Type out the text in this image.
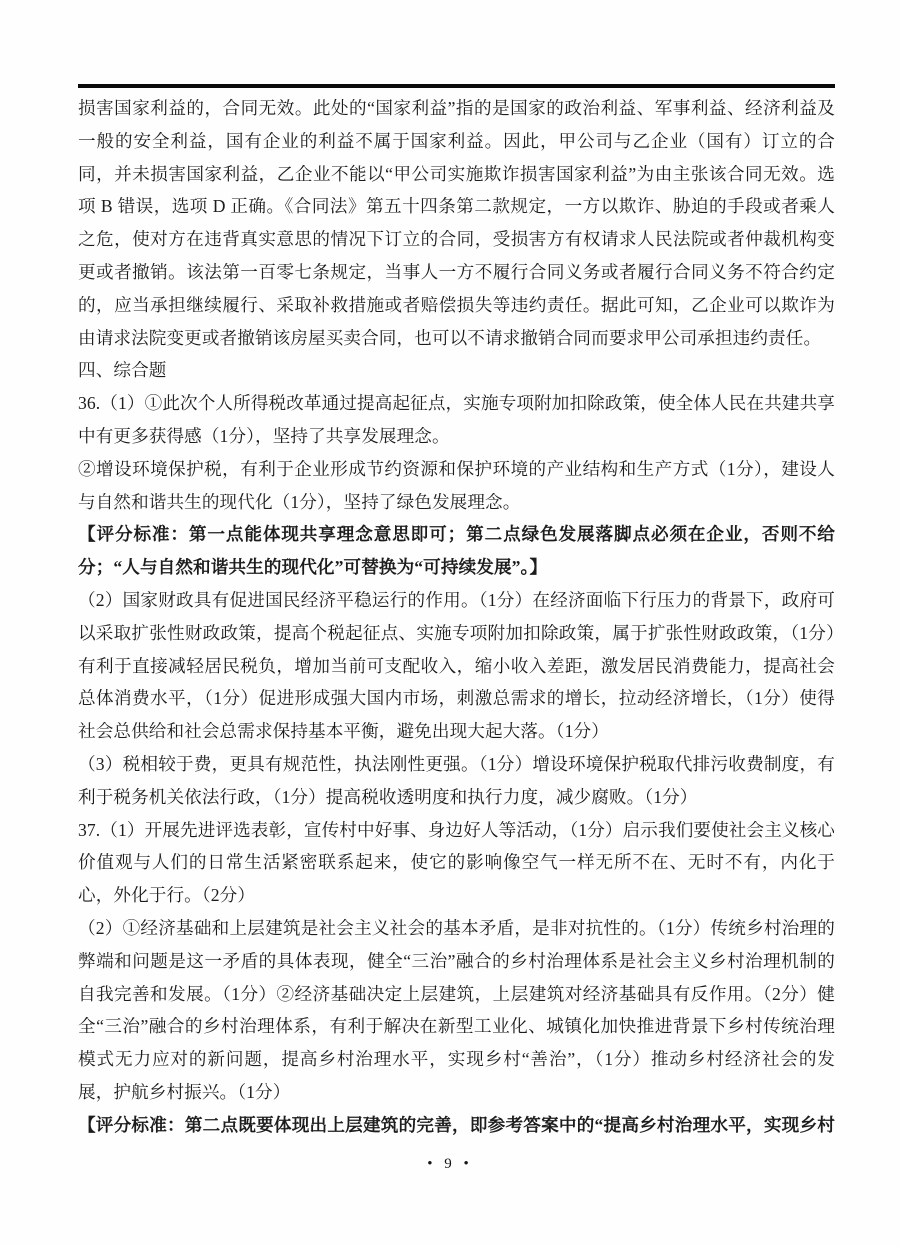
损害国家利益的，合同无效。此处的“国家利益”指的是国家的政治利益、军事利益、经济利益及一般的安全利益，国有企业的利益不属于国家利益。因此，甲公司与乙企业（国有）订立的合同，并未损害国家利益，乙企业不能以“甲公司实施欺诈损害国家利益”为由主张该合同无效。选项 B 错误，选项 D 正确。《合同法》第五十四条第二款规定，一方以欺诈、胁迫的手段或者乘人之危，使对方在违背真实意思的情况下订立的合同，受损害方有权请求人民法院或者仲裁机构变更或者撤销。该法第一百零七条规定，当事人一方不履行合同义务或者履行合同义务不符合约定的，应当承担继续履行、采取补救措施或者赔偿损失等违约责任。据此可知，乙企业可以欺诈为由请求法院变更或者撤销该房屋买卖合同，也可以不请求撤销合同而要求甲公司承担违约责任。

四、综合题

36.（1）①此次个人所得税改革通过提高起征点，实施专项附加扣除政策，使全体人民在共建共享中有更多获得感（1分），坚持了共享发展理念。

②增设环境保护税，有利于企业形成节约资源和保护环境的产业结构和生产方式（1分），建设人与自然和谐共生的现代化（1分），坚持了绿色发展理念。

【评分标准：第一点能体现共享理念意思即可；第二点绿色发展落脚点必须在企业，否则不给分；“人与自然和谐共生的现代化”可替换为“可持续发展”。】

（2）国家财政具有促进国民经济平稳运行的作用。（1分）在经济面临下行压力的背景下，政府可以采取扩张性财政政策，提高个税起征点、实施专项附加扣除政策，属于扩张性财政政策，（1分）有利于直接减轻居民税负，增加当前可支配收入，缩小收入差距，激发居民消费能力，提高社会总体消费水平，（1分）促进形成强大国内市场，刺激总需求的增长，拉动经济增长，（1分）使得社会总供给和社会总需求保持基本平衡，避免出现大起大落。（1分）

（3）税相较于费，更具有规范性，执法刚性更强。（1分）增设环境保护税取代排污收费制度，有利于税务机关依法行政，（1分）提高税收透明度和执行力度，减少腐败。（1分）

37.（1）开展先进评选表彰，宣传村中好事、身边好人等活动，（1分）启示我们要使社会主义核心价值观与人们的日常生活紧密联系起来，使它的影响像空气一样无所不在、无时不有，内化于心，外化于行。（2分）

（2）①经济基础和上层建筑是社会主义社会的基本矛盾，是非对抗性的。（1分）传统乡村治理的弊端和问题是这一矛盾的具体表现，健全“三治”融合的乡村治理体系是社会主义乡村治理机制的自我完善和发展。（1分）②经济基础决定上层建筑，上层建筑对经济基础具有反作用。（2分）健全“三治”融合的乡村治理体系，有利于解决在新型工业化、城镇化加快推进背景下乡村传统治理模式无力应对的新问题，提高乡村治理水平，实现乡村“善治”，（1分）推动乡村经济社会的发展，护航乡村振兴。（1分）

【评分标准：第二点既要体现出上层建筑的完善，即参考答案中的“提高乡村治理水平，实现乡村

• 9 •
